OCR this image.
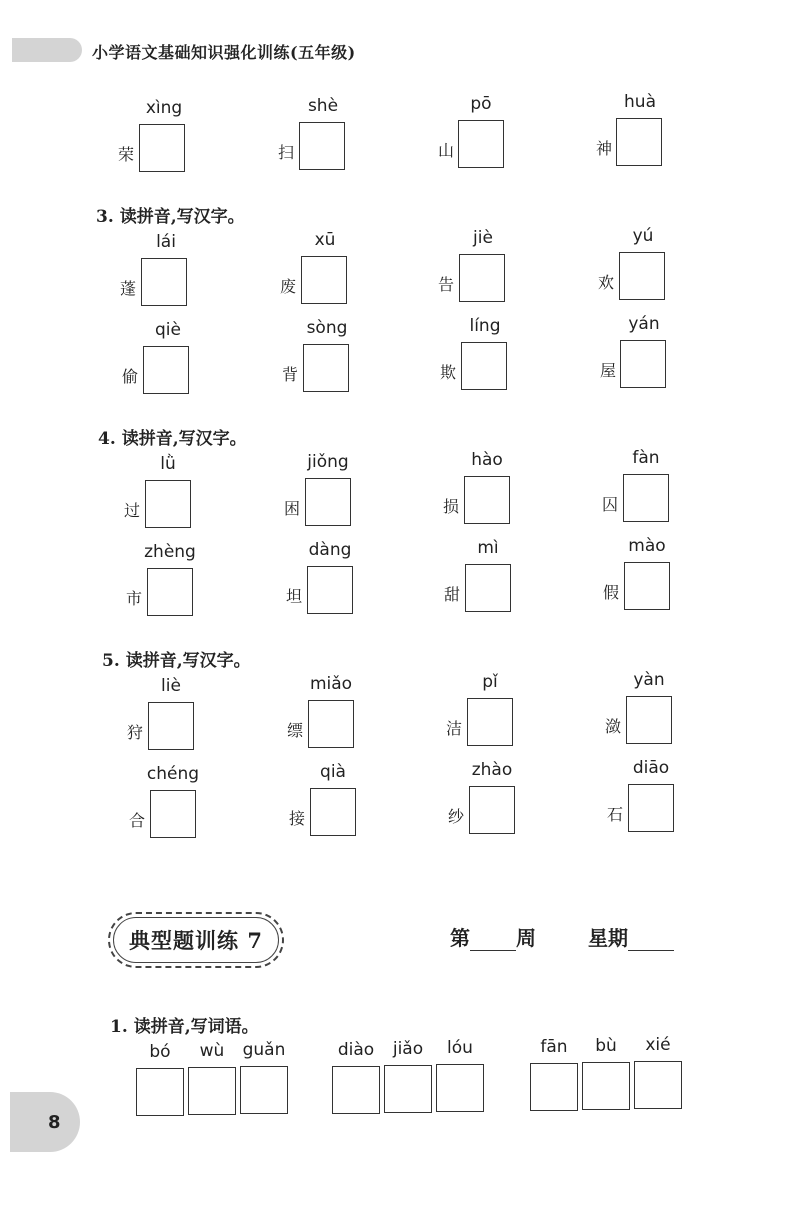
小学语文基础知识强化训练(五年级)
xìng
荣
shè
扫
pō
山
huà
神
3. 读拼音,写汉字。
lái
蓬
xū
废
jiè
告
yú
欢
qiè
偷
sòng
背
líng
欺
yán
屋
4. 读拼音,写汉字。
lǜ
过
jiǒng
困
hào
损
fàn
囚
zhèng
市
dàng
坦
mì
甜
mào
假
5. 读拼音,写汉字。
liè
狩
miǎo
缥
pǐ
洁
yàn
潋
chéng
合
qià
接
zhào
纱
diāo
石
典型题训练 7	第 周	星期
1. 读拼音,写词语。
bó	wù	guǎn	diào	jiǎo	lóu	fān	bù	xié
8
